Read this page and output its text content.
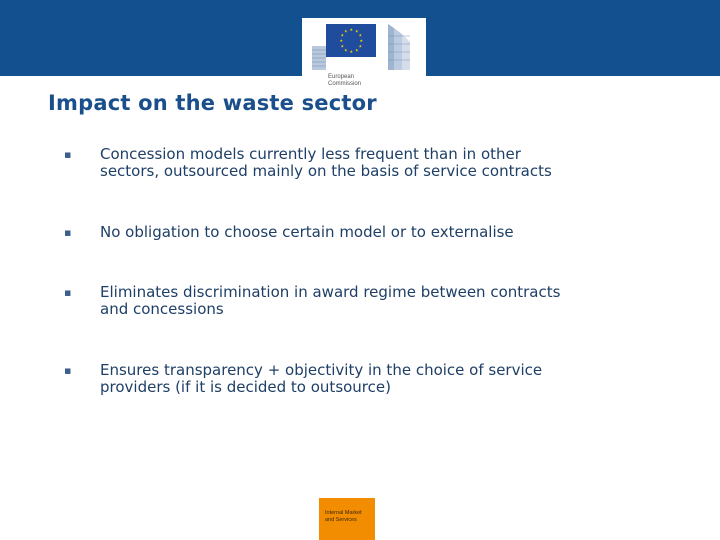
★ ★
★
★
★
★
★
★
★
★
★
★
European
Commission
Impact on the waste sector
▪	Concession models currently less frequent than in other
sectors, outsourced mainly on the basis of service contracts
▪	No obligation to choose certain model or to externalise
▪	Eliminates discrimination in award regime between contracts
and concessions
▪	Ensures transparency + objectivity in the choice of service
providers (if it is decided to outsource)
Internal Market
and Services
